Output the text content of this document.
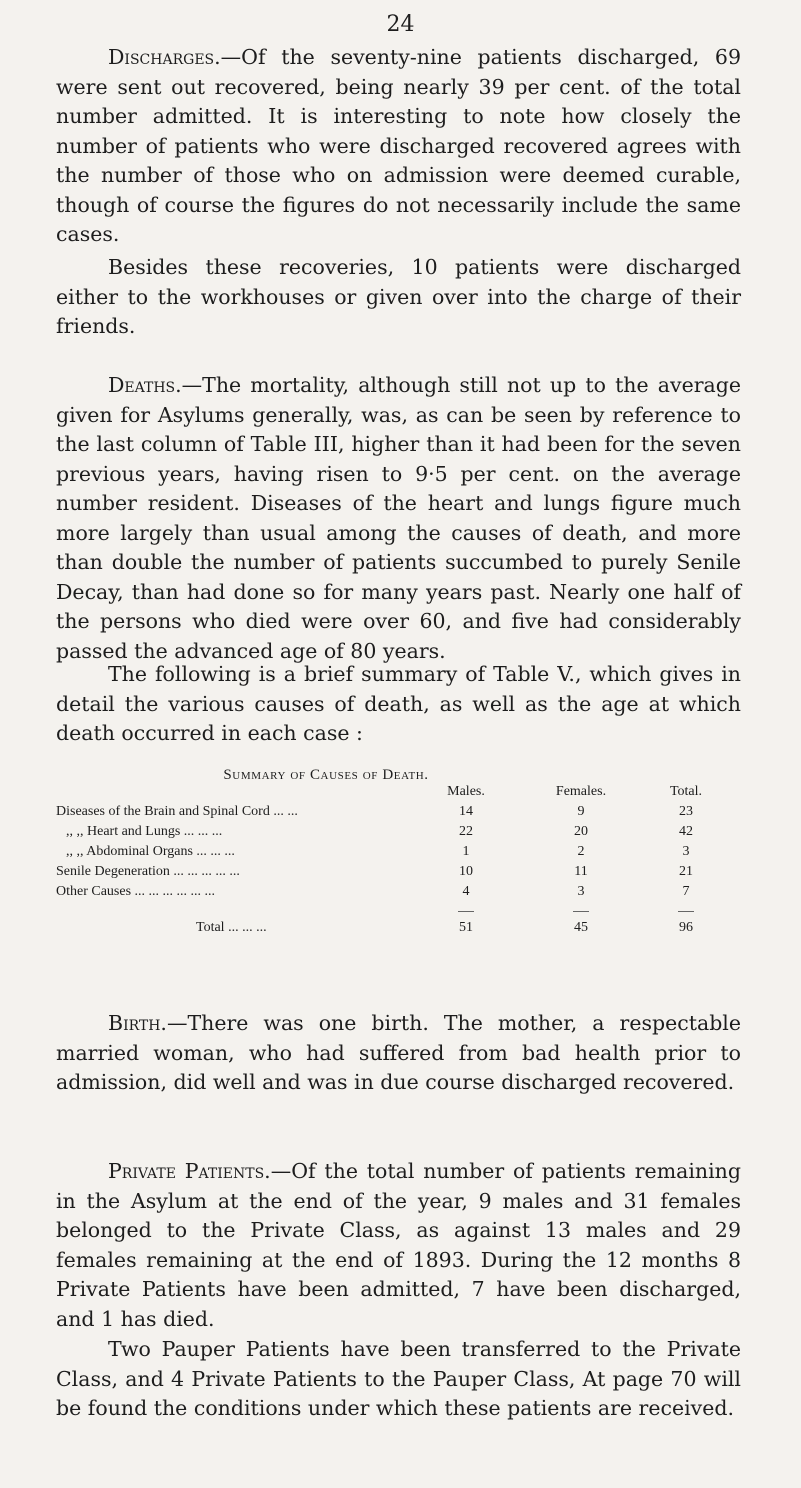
24

Discharges.—Of the seventy-nine patients discharged, 69 were sent out recovered, being nearly 39 per cent. of the total number admitted. It is interesting to note how closely the number of patients who were discharged recovered agrees with the number of those who on admission were deemed curable, though of course the figures do not necessarily include the same cases.

Besides these recoveries, 10 patients were discharged either to the workhouses or given over into the charge of their friends.

Deaths.—The mortality, although still not up to the average given for Asylums generally, was, as can be seen by reference to the last column of Table III, higher than it had been for the seven previous years, having risen to 9·5 per cent. on the average number resident. Diseases of the heart and lungs figure much more largely than usual among the causes of death, and more than double the number of patients succumbed to purely Senile Decay, than had done so for many years past. Nearly one half of the persons who died were over 60, and five had considerably passed the advanced age of 80 years.

The following is a brief summary of Table V., which gives in detail the various causes of death, as well as the age at which death occurred in each case :

Summary of Causes of Death.
Males.	Females.	Total.
Diseases of the Brain and Spinal Cord ... ...	14	9	23
,, ,, Heart and Lungs ... ... ...	22	20	42
,, ,, Abdominal Organs ... ... ...	1	2	3
Senile Degeneration ... ... ... ... ...	10	11	21
Other Causes ... ... ... ... ... ...	4	3	7
Total ... ... ...	51	45	96

Birth.—There was one birth. The mother, a respectable married woman, who had suffered from bad health prior to admission, did well and was in due course discharged recovered.

Private Patients.—Of the total number of patients remaining in the Asylum at the end of the year, 9 males and 31 females belonged to the Private Class, as against 13 males and 29 females remaining at the end of 1893. During the 12 months 8 Private Patients have been admitted, 7 have been discharged, and 1 has died.

Two Pauper Patients have been transferred to the Private Class, and 4 Private Patients to the Pauper Class, At page 70 will be found the conditions under which these patients are received.
